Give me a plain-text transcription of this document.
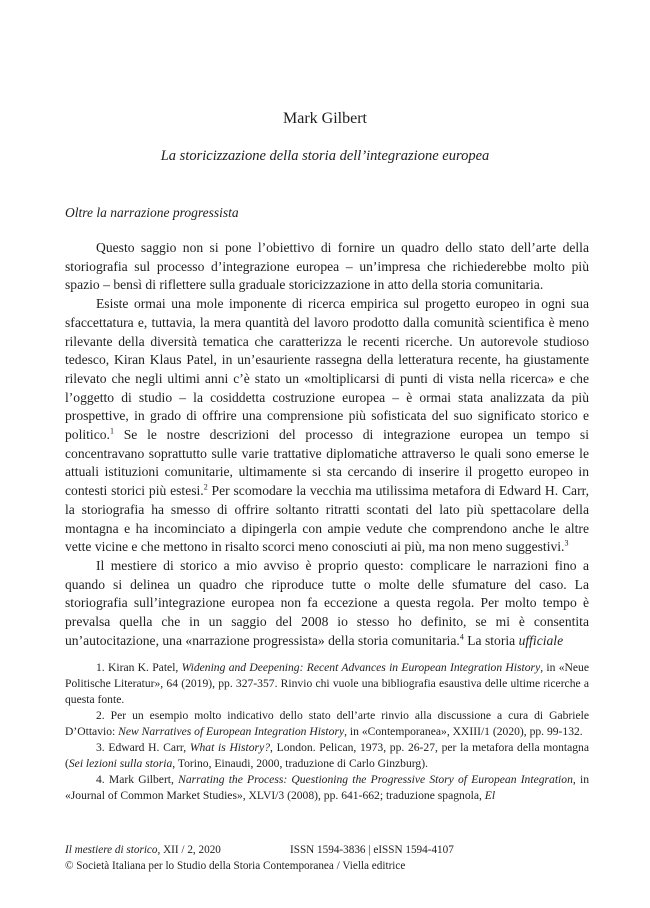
Mark Gilbert
La storicizzazione della storia dell’integrazione europea
Oltre la narrazione progressista

Questo saggio non si pone l’obiettivo di fornire un quadro dello stato dell’arte della storiografia sul processo d’integrazione europea – un’impresa che richiederebbe molto più spazio – bensì di riflettere sulla graduale storicizzazione in atto della storia comunitaria.

Esiste ormai una mole imponente di ricerca empirica sul progetto europeo in ogni sua sfaccettatura e, tuttavia, la mera quantità del lavoro prodotto dalla comunità scientifica è meno rilevante della diversità tematica che caratterizza le recenti ricerche. Un autorevole studioso tedesco, Kiran Klaus Patel, in un’esauriente rassegna della letteratura recente, ha giustamente rilevato che negli ultimi anni c’è stato un «moltiplicarsi di punti di vista nella ricerca» e che l’oggetto di studio – la cosiddetta costruzione europea – è ormai stata analizzata da più prospettive, in grado di offrire una comprensione più sofisticata del suo significato storico e politico.$^1$ Se le nostre descrizioni del processo di integrazione europea un tempo si concentravano soprattutto sulle varie trattative diplomatiche attraverso le quali sono emerse le attuali istituzioni comunitarie, ultimamente si sta cercando di inserire il progetto europeo in contesti storici più estesi.$^2$ Per scomodare la vecchia ma utilissima metafora di Edward H. Carr, la storiografia ha smesso di offrire soltanto ritratti scontati del lato più spettacolare della montagna e ha incominciato a dipingerla con ampie vedute che comprendono anche le altre vette vicine e che mettono in risalto scorci meno conosciuti ai più, ma non meno suggestivi.$^3$

Il mestiere di storico a mio avviso è proprio questo: complicare le narrazioni fino a quando si delinea un quadro che riproduce tutte o molte delle sfumature del caso. La storiografia sull’integrazione europea non fa eccezione a questa regola. Per molto tempo è prevalsa quella che in un saggio del 2008 io stesso ho definito, se mi è consentita un’autocitazione, una «narrazione progressista» della storia comunitaria.$^4$ La storia ufficiale

1. Kiran K. Patel, Widening and Deepening: Recent Advances in European Integration History, in «Neue Politische Literatur», 64 (2019), pp. 327-357. Rinvio chi vuole una bibliografia esaustiva delle ultime ricerche a questa fonte.

2. Per un esempio molto indicativo dello stato dell’arte rinvio alla discussione a cura di Gabriele D’Ottavio: New Narratives of European Integration History, in «Contemporanea», XXIII/1 (2020), pp. 99-132.

3. Edward H. Carr, What is History?, London. Pelican, 1973, pp. 26-27, per la metafora della montagna (Sei lezioni sulla storia, Torino, Einaudi, 2000, traduzione di Carlo Ginzburg).

4. Mark Gilbert, Narrating the Process: Questioning the Progressive Story of European Integration, in «Journal of Common Market Studies», XLVI/3 (2008), pp. 641-662; traduzione spagnola, El

Il mestiere di storico, XII / 2, 2020	ISSN 1594-3836 | eISSN 1594-4107
© Società Italiana per lo Studio della Storia Contemporanea / Viella editrice
